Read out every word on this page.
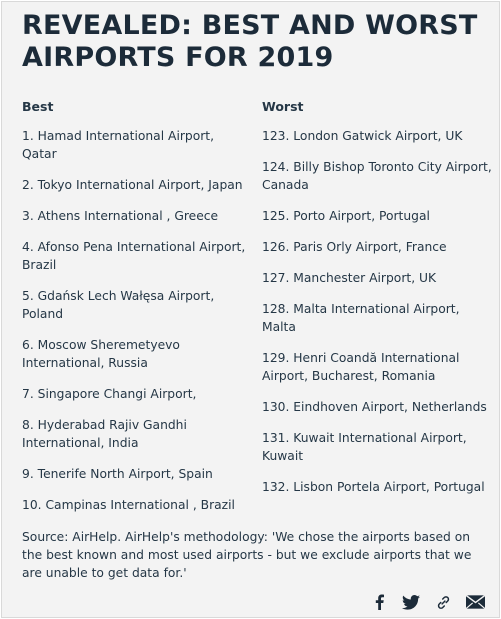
REVEALED: BEST AND WORST AIRPORTS FOR 2019
Best
1. Hamad International Airport, Qatar
2. Tokyo International Airport, Japan
3. Athens International , Greece
4. Afonso Pena International Airport, Brazil
5. Gdańsk Lech Wałęsa Airport, Poland
6. Moscow Sheremetyevo International, Russia
7. Singapore Changi Airport,
8. Hyderabad Rajiv Gandhi International, India
9. Tenerife North Airport, Spain
10. Campinas International , Brazil
Worst
123. London Gatwick Airport, UK
124. Billy Bishop Toronto City Airport, Canada
125. Porto Airport, Portugal
126. Paris Orly Airport, France
127. Manchester Airport, UK
128. Malta International Airport, Malta
129. Henri Coandă International Airport, Bucharest, Romania
130. Eindhoven Airport, Netherlands
131. Kuwait International Airport, Kuwait
132. Lisbon Portela Airport, Portugal

Source: AirHelp. AirHelp's methodology: 'We chose the airports based on the best known and most used airports - but we exclude airports that we are unable to get data for.'
